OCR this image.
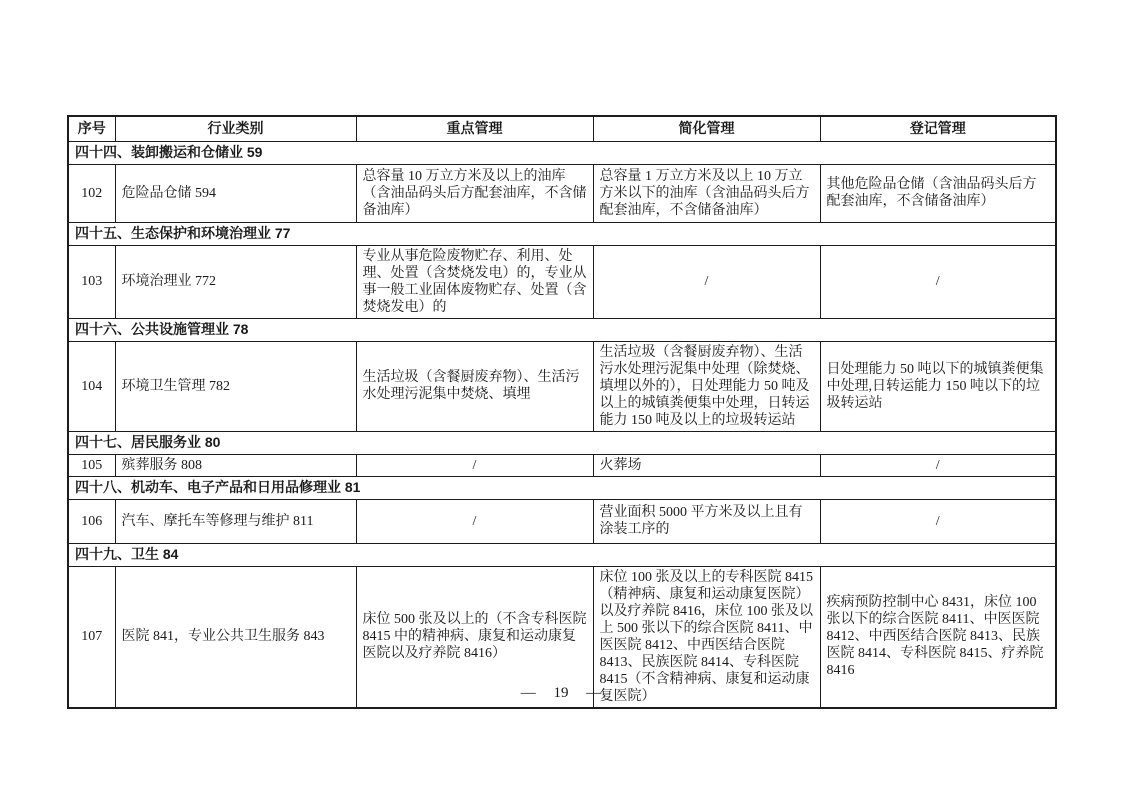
序号	行业类别	重点管理	简化管理	登记管理
四十四、装卸搬运和仓储业 59				
102	危险品仓储 594	总容量 10 万立方米及以上的油库（含油品码头后方配套油库，不含储备油库）	总容量 1 万立方米及以上 10 万立方米以下的油库（含油品码头后方配套油库，不含储备油库）	其他危险品仓储（含油品码头后方配套油库，不含储备油库）
四十五、生态保护和环境治理业 77				
103	环境治理业 772	专业从事危险废物贮存、利用、处理、处置（含焚烧发电）的，专业从事一般工业固体废物贮存、处置（含焚烧发电）的	/	/
四十六、公共设施管理业 78				
104	环境卫生管理 782	生活垃圾（含餐厨废弃物）、生活污水处理污泥集中焚烧、填埋	生活垃圾（含餐厨废弃物）、生活污水处理污泥集中处理（除焚烧、填埋以外的），日处理能力 50 吨及以上的城镇粪便集中处理，日转运能力 150 吨及以上的垃圾转运站	日处理能力 50 吨以下的城镇粪便集中处理,日转运能力 150 吨以下的垃圾转运站
四十七、居民服务业 80				
105	殡葬服务 808	/	火葬场	/
四十八、机动车、电子产品和日用品修理业 81				
106	汽车、摩托车等修理与维护 811	/	营业面积 5000 平方米及以上且有涂装工序的	/
四十九、卫生 84				
107	医院 841，专业公共卫生服务 843	床位 500 张及以上的（不含专科医院 8415 中的精神病、康复和运动康复医院以及疗养院 8416）	床位 100 张及以上的专科医院 8415（精神病、康复和运动康复医院）以及疗养院 8416，床位 100 张及以上 500 张以下的综合医院 8411、中医医院 8412、中西医结合医院 8413、民族医院 8414、专科医院 8415（不含精神病、康复和运动康复医院）	疾病预防控制中心 8431，床位 100 张以下的综合医院 8411、中医医院 8412、中西医结合医院 8413、民族医院 8414、专科医院 8415、疗养院 8416
— 19 —
